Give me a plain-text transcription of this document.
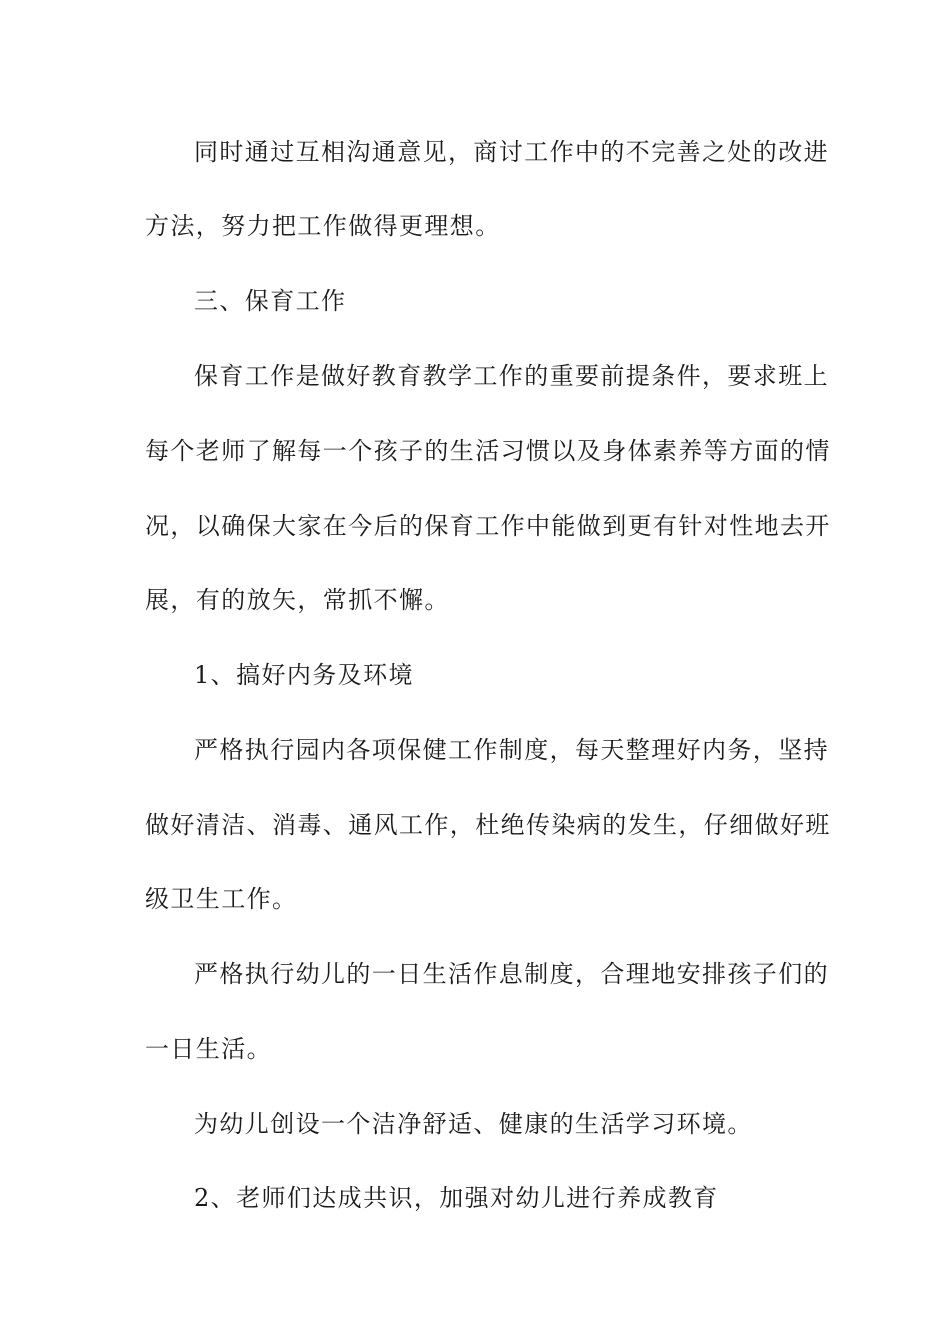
同时通过互相沟通意见，商讨工作中的不完善之处的改进

方法，努力把工作做得更理想。

三、保育工作

保育工作是做好教育教学工作的重要前提条件，要求班上

每个老师了解每一个孩子的生活习惯以及身体素养等方面的情

况，以确保大家在今后的保育工作中能做到更有针对性地去开

展，有的放矢，常抓不懈。

1、搞好内务及环境

严格执行园内各项保健工作制度，每天整理好内务，坚持

做好清洁、消毒、通风工作，杜绝传染病的发生，仔细做好班

级卫生工作。

严格执行幼儿的一日生活作息制度，合理地安排孩子们的

一日生活。

为幼儿创设一个洁净舒适、健康的生活学习环境。

2、老师们达成共识，加强对幼儿进行养成教育
